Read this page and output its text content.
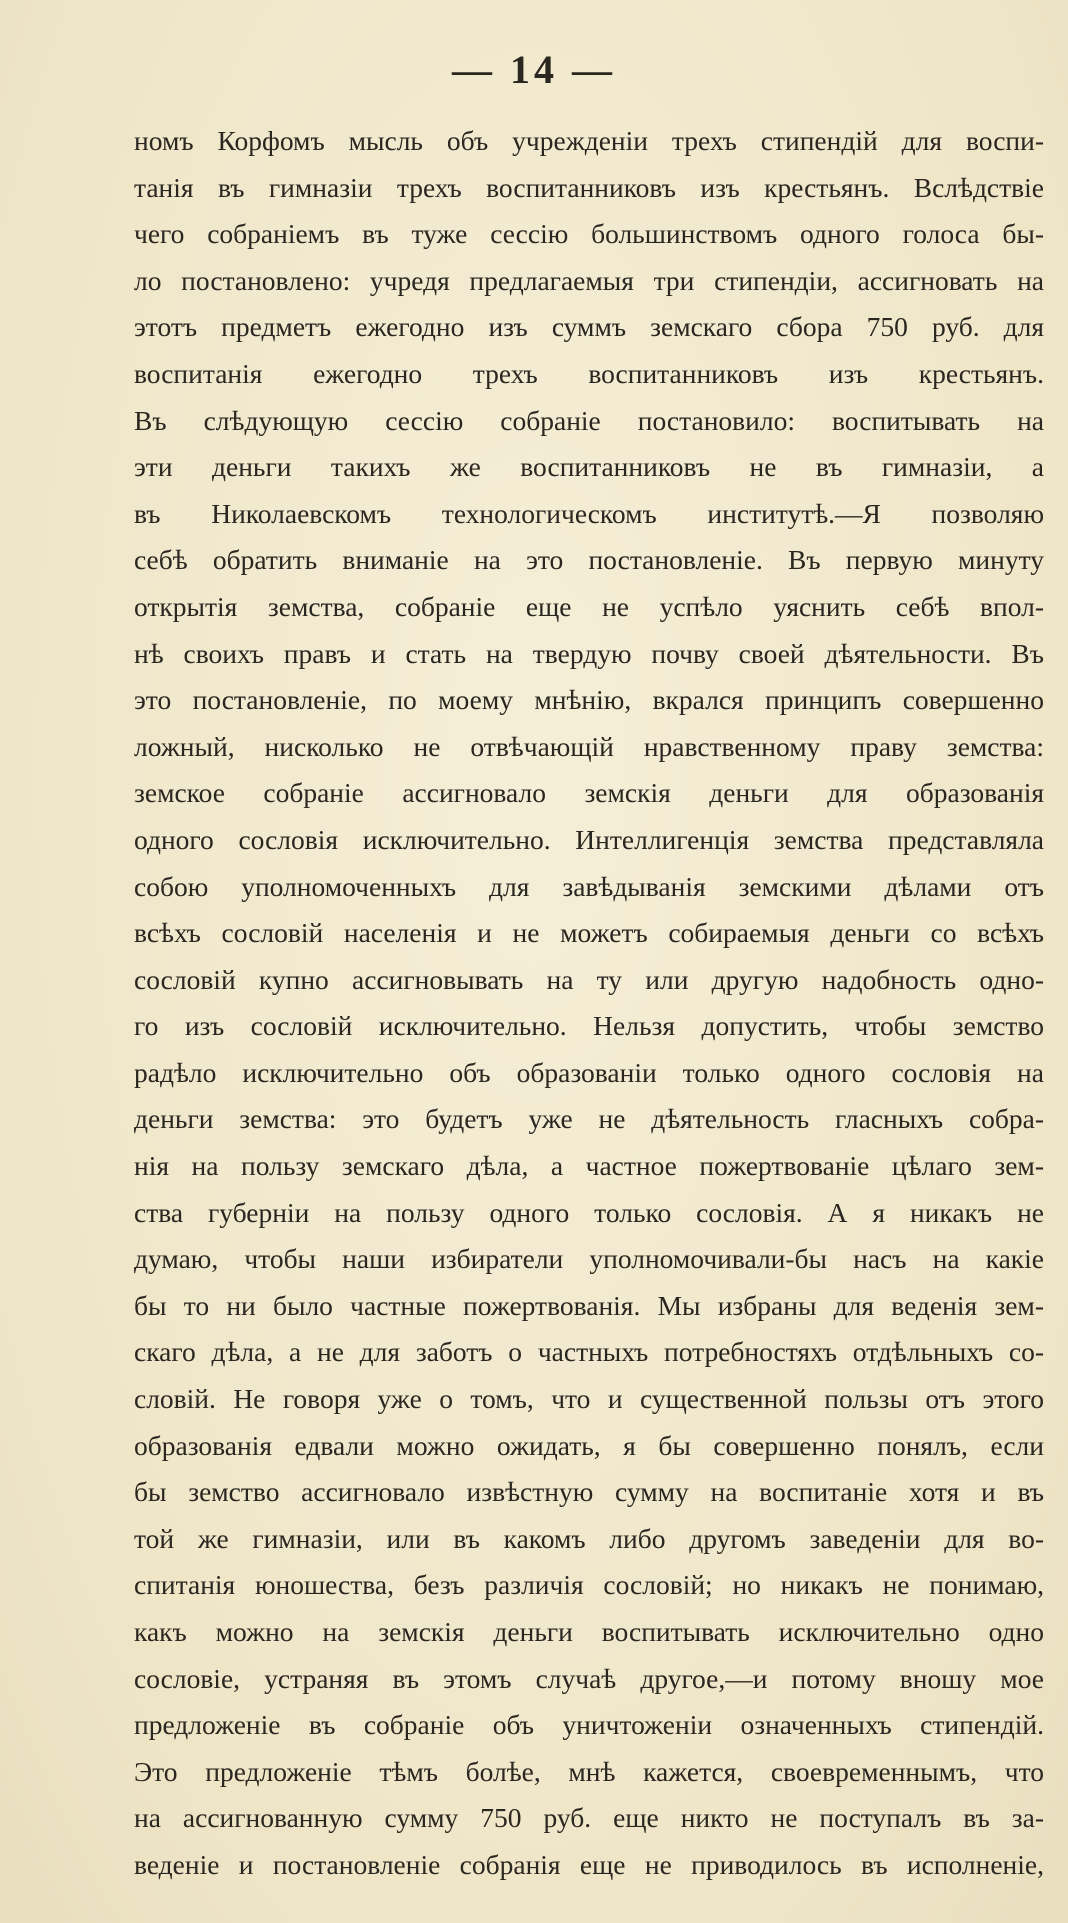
— 14 —
номъ Корфомъ мысль объ учрежденіи трехъ стипендій для воспи-
танія въ гимназіи трехъ воспитанниковъ изъ крестьянъ. Вслѣдствіе
чего собраніемъ въ туже сессію большинствомъ одного голоса бы-
ло постановлено: учредя предлагаемыя три стипендіи, ассигновать на
этотъ предметъ ежегодно изъ суммъ земскаго сбора 750 руб. для
воспитанія ежегодно трехъ воспитанниковъ изъ крестьянъ.
Въ слѣдующую сессію собраніе постановило: воспитывать на
эти деньги такихъ же воспитанниковъ не въ гимназіи, а
въ Николаевскомъ технологическомъ институтѣ.—Я позволяю
себѣ обратить вниманіе на это постановленіе. Въ первую минуту
открытія земства, собраніе еще не успѣло уяснить себѣ впол-
нѣ своихъ правъ и стать на твердую почву своей дѣятельности. Въ
это постановленіе, по моему мнѣнію, вкрался принципъ совершенно
ложный, нисколько не отвѣчающій нравственному праву земства:
земское собраніе ассигновало земскія деньги для образованія
одного сословія исключительно. Интеллигенція земства представляла
собою уполномоченныхъ для завѣдыванія земскими дѣлами отъ
всѣхъ сословій населенія и не можетъ собираемыя деньги со всѣхъ
сословій купно ассигновывать на ту или другую надобность одно-
го изъ сословій исключительно. Нельзя допустить, чтобы земство
радѣло исключительно объ образованіи только одного сословія на
деньги земства: это будетъ уже не дѣятельность гласныхъ собра-
нія на пользу земскаго дѣла, а частное пожертвованіе цѣлаго зем-
ства губерніи на пользу одного только сословія. А я никакъ не
думаю, чтобы наши избиратели уполномочивали-бы насъ на какіе
бы то ни было частные пожертвованія. Мы избраны для веденія зем-
скаго дѣла, а не для заботъ о частныхъ потребностяхъ отдѣльныхъ со-
словій. Не говоря уже о томъ, что и существенной пользы отъ этого
образованія едвали можно ожидать, я бы совершенно понялъ, если
бы земство ассигновало извѣстную сумму на воспитаніе хотя и въ
той же гимназіи, или въ какомъ либо другомъ заведеніи для во-
спитанія юношества, безъ различія сословій; но никакъ не понимаю,
какъ можно на земскія деньги воспитывать исключительно одно
сословіе, устраняя въ этомъ случаѣ другое,—и потому вношу мое
предложеніе въ собраніе объ уничтоженіи означенныхъ стипендій.
Это предложеніе тѣмъ болѣе, мнѣ кажется, своевременнымъ, что
на ассигнованную сумму 750 руб. еще никто не поступалъ въ за-
веденіе и постановленіе собранія еще не приводилось въ исполненіе,
